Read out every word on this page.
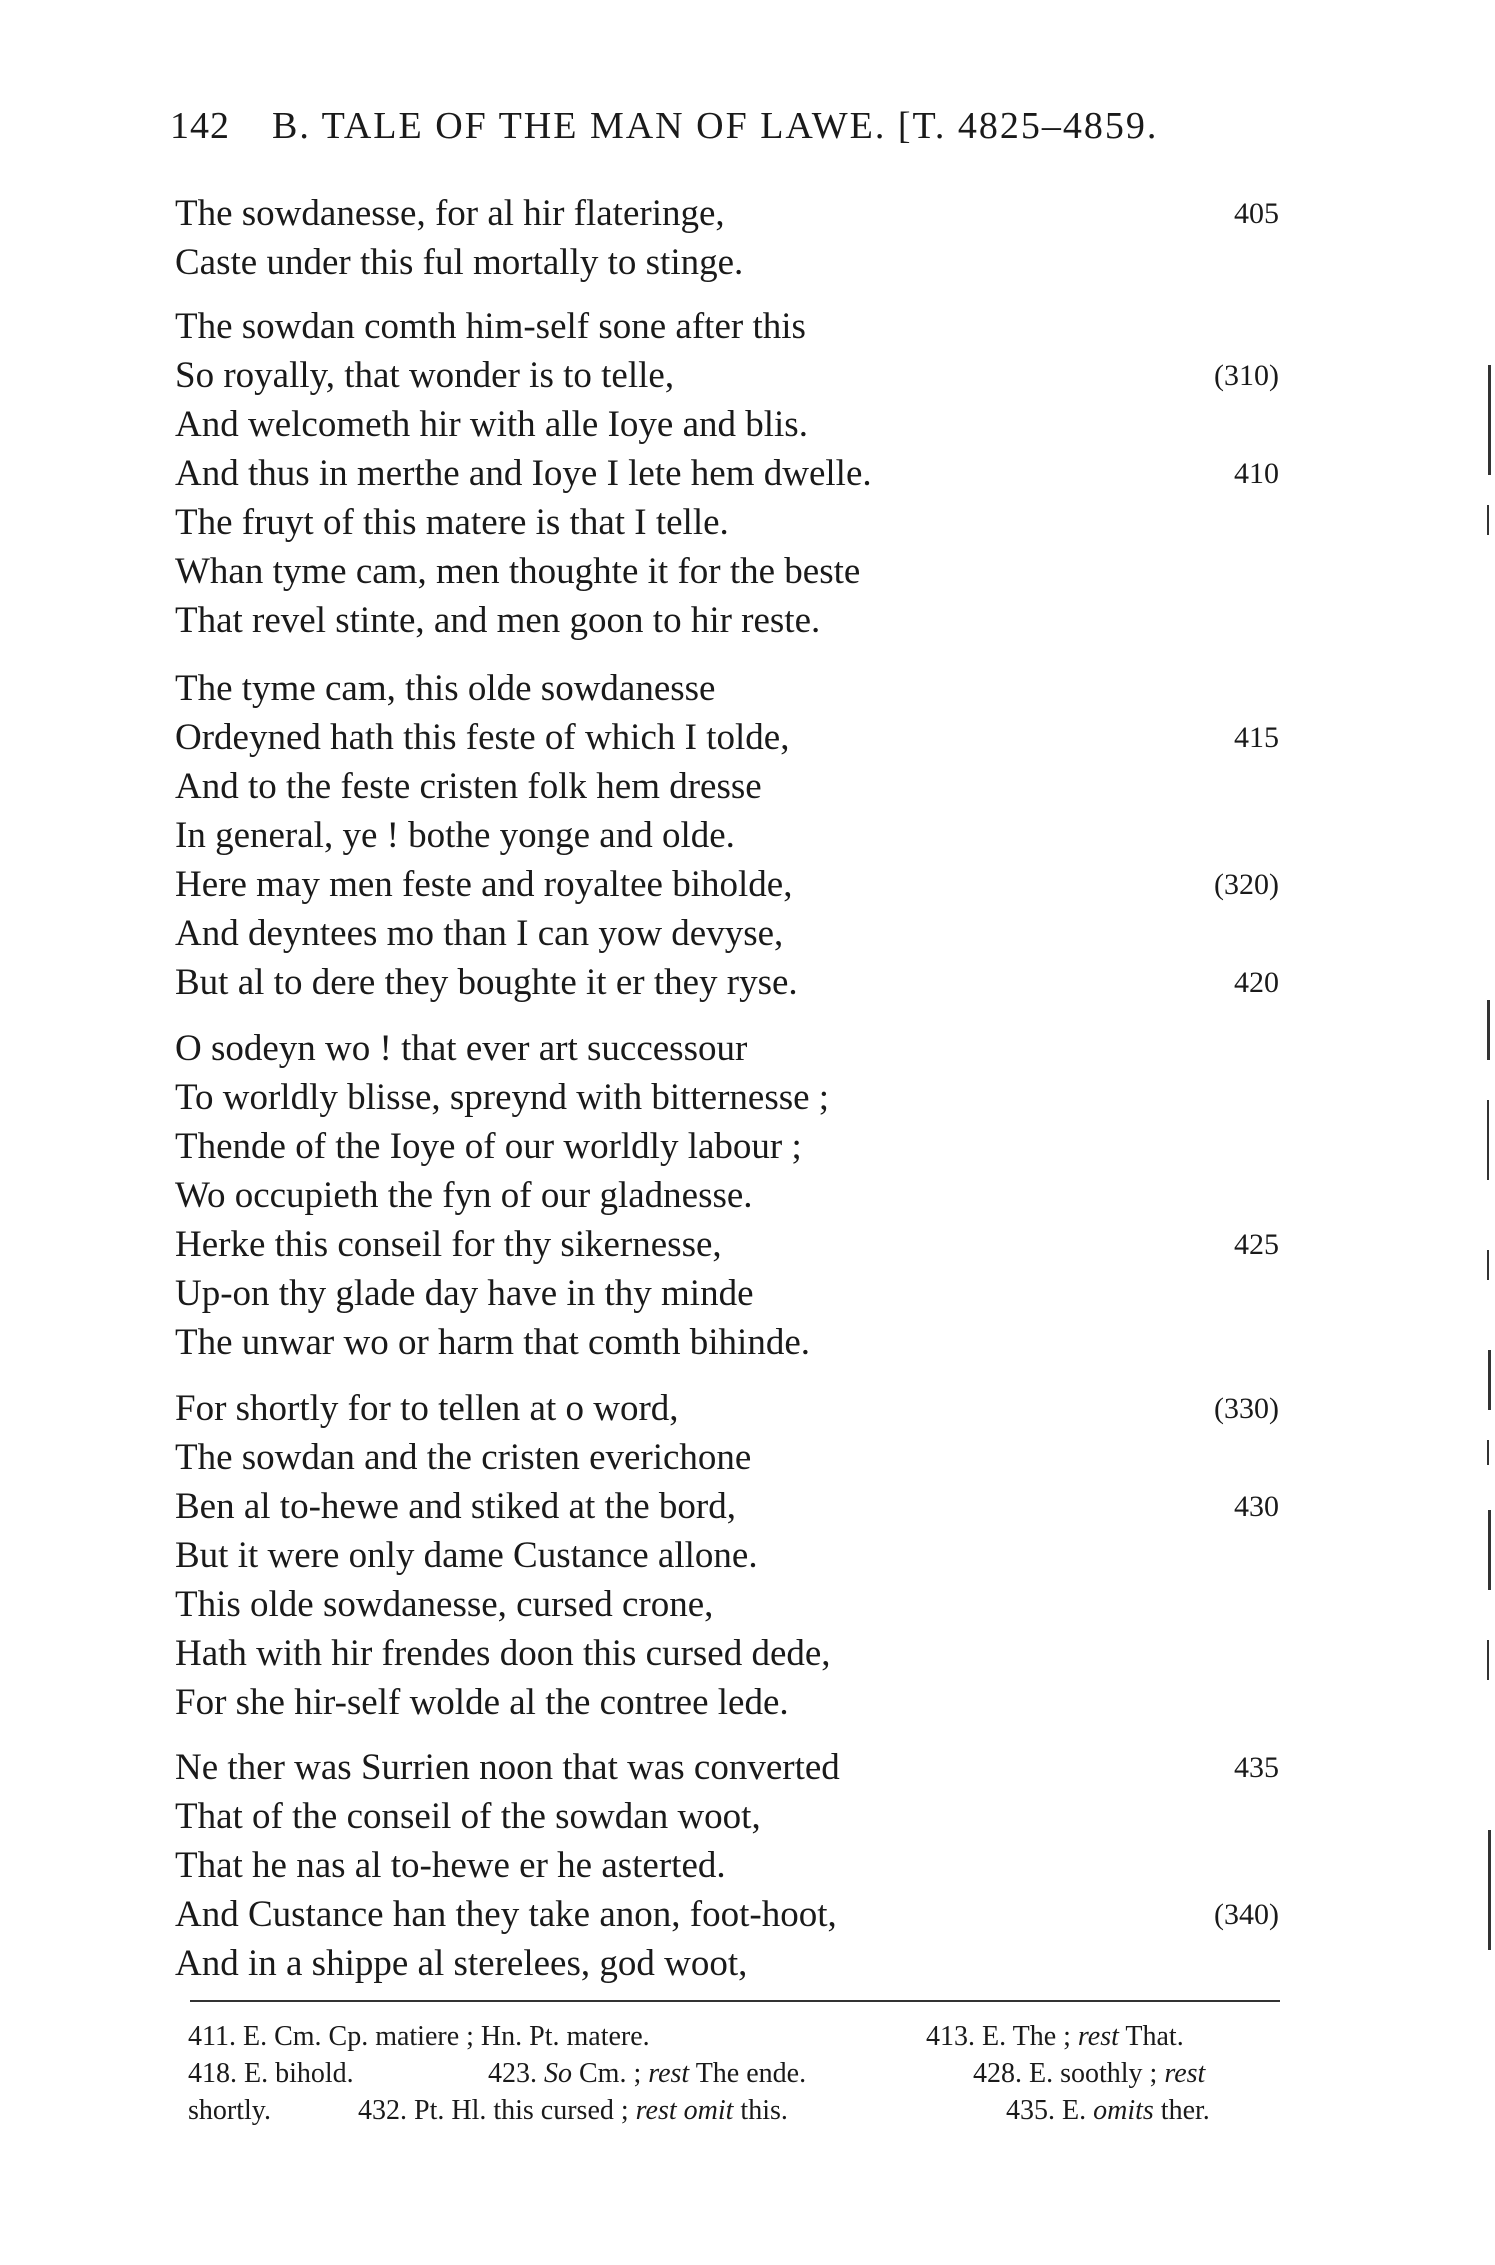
142 B. TALE OF THE MAN OF LAWE. [T. 4825–4859.
The sowdanesse, for al hir flateringe,	405
Caste under this ful mortally to stinge.
The sowdan comth him-self sone after this
So royally, that wonder is to telle,	(310)
And welcometh hir with alle Ioye and blis.
And thus in merthe and Ioye I lete hem dwelle.	410
The fruyt of this matere is that I telle.
Whan tyme cam, men thoughte it for the beste
That revel stinte, and men goon to hir reste.
The tyme cam, this olde sowdanesse
Ordeyned hath this feste of which I tolde,	415
And to the feste cristen folk hem dresse
In general, ye ! bothe yonge and olde.
Here may men feste and royaltee biholde,	(320)
And deyntees mo than I can yow devyse,
But al to dere they boughte it er they ryse.	420
O sodeyn wo ! that ever art successour
To worldly blisse, spreynd with bitternesse ;
Thende of the Ioye of our worldly labour ;
Wo occupieth the fyn of our gladnesse.
Herke this conseil for thy sikernesse,	425
Up-on thy glade day have in thy minde
The unwar wo or harm that comth bihinde.
For shortly for to tellen at o word,	(330)
The sowdan and the cristen everichone
Ben al to-hewe and stiked at the bord,	430
But it were only dame Custance allone.
This olde sowdanesse, cursed crone,
Hath with hir frendes doon this cursed dede,
For she hir-self wolde al the contree lede.
Ne ther was Surrien noon that was converted	435
That of the conseil of the sowdan woot,
That he nas al to-hewe er he asterted.
And Custance han they take anon, foot-hoot,	(340)
And in a shippe al sterelees, god woot,
411. E. Cm. Cp. matiere ; Hn. Pt. matere.	413. E. The ; rest That.
418. E. bihold.	423. So Cm. ; rest The ende.	428. E. soothly ; rest
shortly.	432. Pt. Hl. this cursed ; rest omit this.	435. E. omits ther.
